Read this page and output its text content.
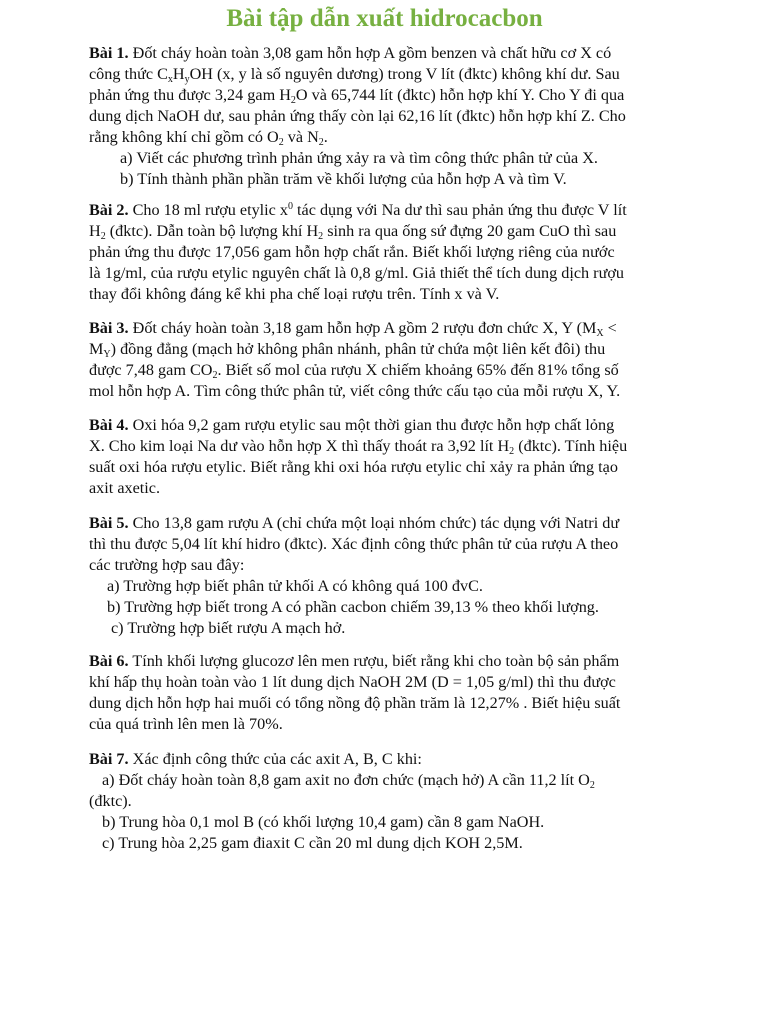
Bài tập dẫn xuất hidrocacbon

Bài 1. Đốt cháy hoàn toàn 3,08 gam hỗn hợp A gồm benzen và chất hữu cơ X có

công thức $C_xH_yOH$ (x, y là số nguyên dương) trong V lít (đktc) không khí dư. Sau

phản ứng thu được 3,24 gam $H_2O$ và 65,744 lít (đktc) hỗn hợp khí Y. Cho Y đi qua

dung dịch NaOH dư, sau phản ứng thấy còn lại 62,16 lít (đktc) hỗn hợp khí Z. Cho

rằng không khí chỉ gồm có $O_2$ và $N_2$.

a) Viết các phương trình phản ứng xảy ra và tìm công thức phân tử của X.

b) Tính thành phần phần trăm về khối lượng của hỗn hợp A và tìm V.

Bài 2. Cho 18 ml rượu etylic $x^0$ tác dụng với Na dư thì sau phản ứng thu được V lít

$H_2$ (đktc). Dẫn toàn bộ lượng khí $H_2$ sinh ra qua ống sứ đựng 20 gam CuO thì sau

phản ứng thu được 17,056 gam hỗn hợp chất rắn. Biết khối lượng riêng của nước

là 1g/ml, của rượu etylic nguyên chất là 0,8 g/ml. Giả thiết thể tích dung dịch rượu

thay đổi không đáng kể khi pha chế loại rượu trên. Tính x và V.

Bài 3. Đốt cháy hoàn toàn 3,18 gam hỗn hợp A gồm 2 rượu đơn chức X, Y ($M_X$ <

$M_Y$) đồng đẳng (mạch hở không phân nhánh, phân tử chứa một liên kết đôi) thu

được 7,48 gam $CO_2$. Biết số mol của rượu X chiếm khoảng 65% đến 81% tổng số

mol hỗn hợp A. Tìm công thức phân tử, viết công thức cấu tạo của mỗi rượu X, Y.

Bài 4. Oxi hóa 9,2 gam rượu etylic sau một thời gian thu được hỗn hợp chất lỏng

X. Cho kim loại Na dư vào hỗn hợp X thì thấy thoát ra 3,92 lít $H_2$ (đktc). Tính hiệu

suất oxi hóa rượu etylic. Biết rằng khi oxi hóa rượu etylic chỉ xảy ra phản ứng tạo

axit axetic.

Bài 5. Cho 13,8 gam rượu A (chỉ chứa một loại nhóm chức) tác dụng với Natri dư

thì thu được 5,04 lít khí hidro (đktc). Xác định công thức phân tử của rượu A theo

các trường hợp sau đây:

a) Trường hợp biết phân tử khối A có không quá 100 đvC.

b) Trường hợp biết trong A có phần cacbon chiếm 39,13 % theo khối lượng.

c) Trường hợp biết rượu A mạch hở.

Bài 6. Tính khối lượng glucozơ lên men rượu, biết rằng khi cho toàn bộ sản phẩm

khí hấp thụ hoàn toàn vào 1 lít dung dịch NaOH 2M (D = 1,05 g/ml) thì thu được

dung dịch hỗn hợp hai muối có tổng nồng độ phần trăm là 12,27% . Biết hiệu suất

của quá trình lên men là 70%.

Bài 7. Xác định công thức của các axit A, B, C khi:

a) Đốt cháy hoàn toàn 8,8 gam axit no đơn chức (mạch hở) A cần 11,2 lít $O_2$

(đktc).

b) Trung hòa 0,1 mol B (có khối lượng 10,4 gam) cần 8 gam NaOH.

c) Trung hòa 2,25 gam đi‌axit C cần 20 ml dung dịch KOH 2,5M.
